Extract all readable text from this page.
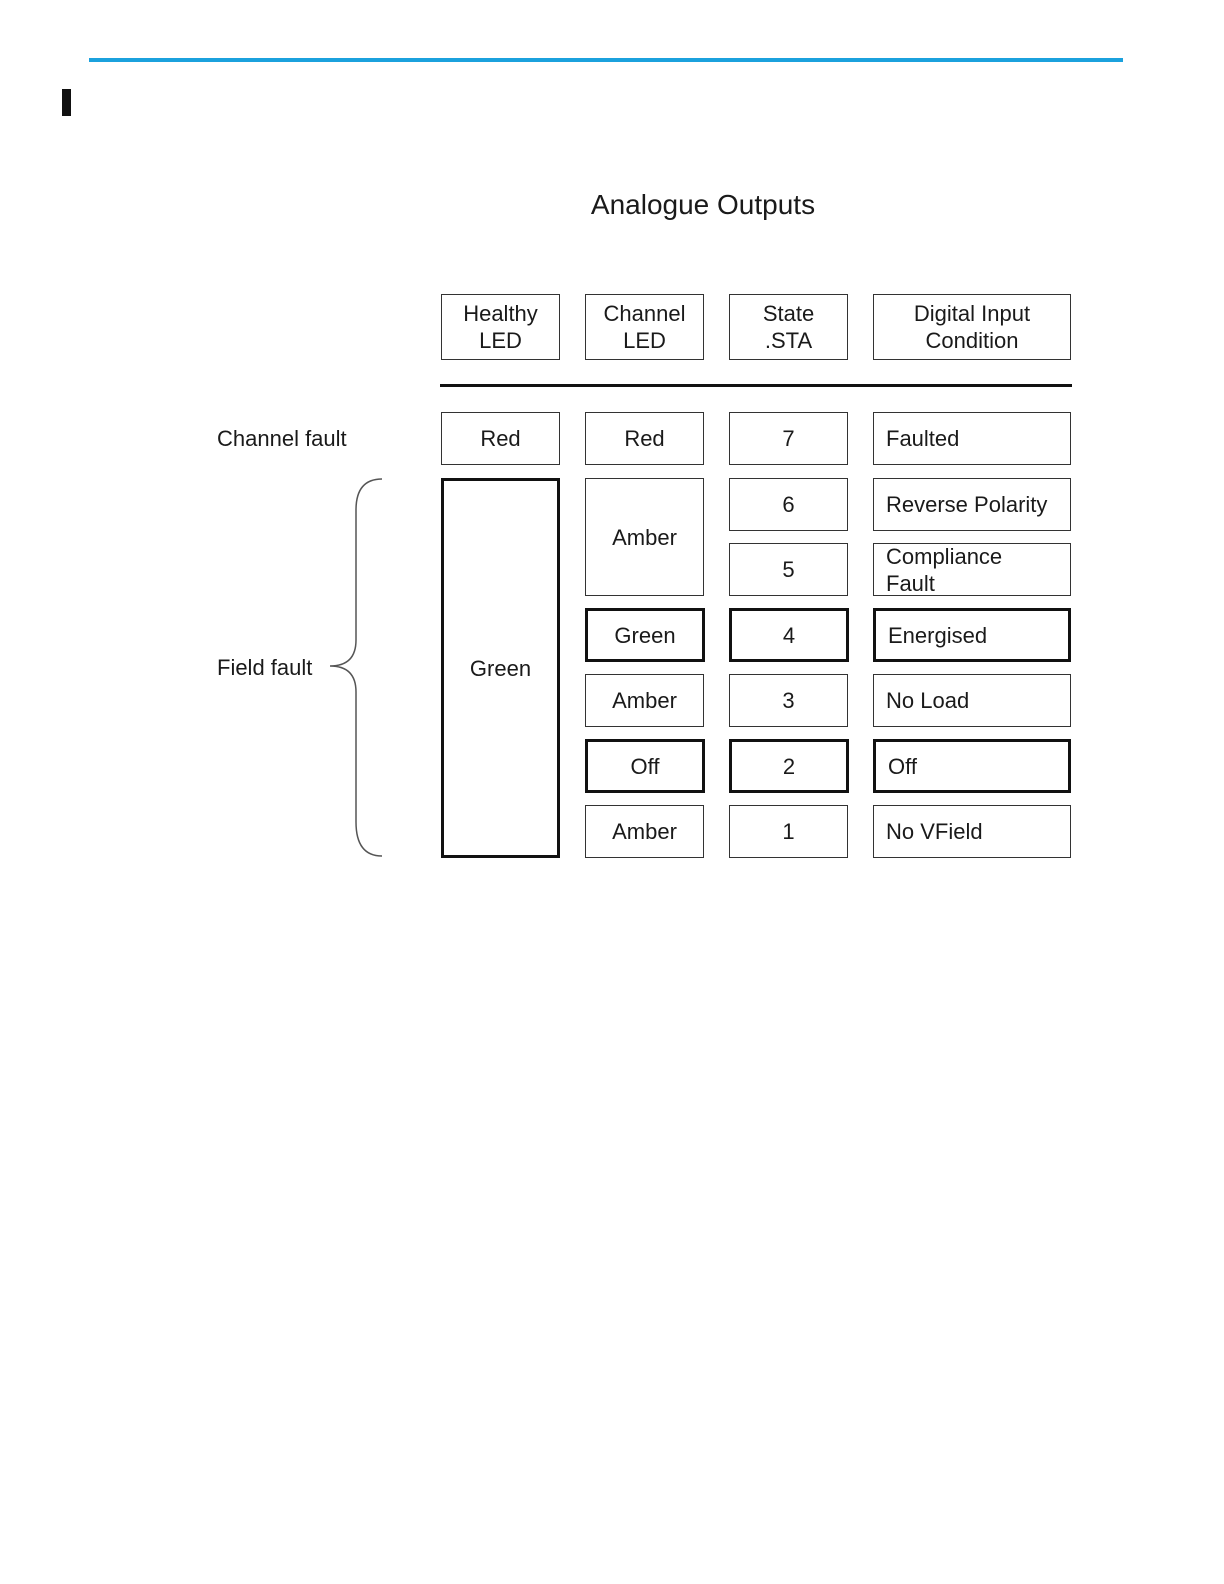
Analogue Outputs
Healthy LED
Channel LED
State .STA
Digital Input Condition
Channel fault
Field fault
Red
Green
Red
Amber
Green
Amber
Off
Amber
7
6
5
4
3
2
1
Faulted
Reverse Polarity
Compliance Fault
Energised
No Load
Off
No VField
